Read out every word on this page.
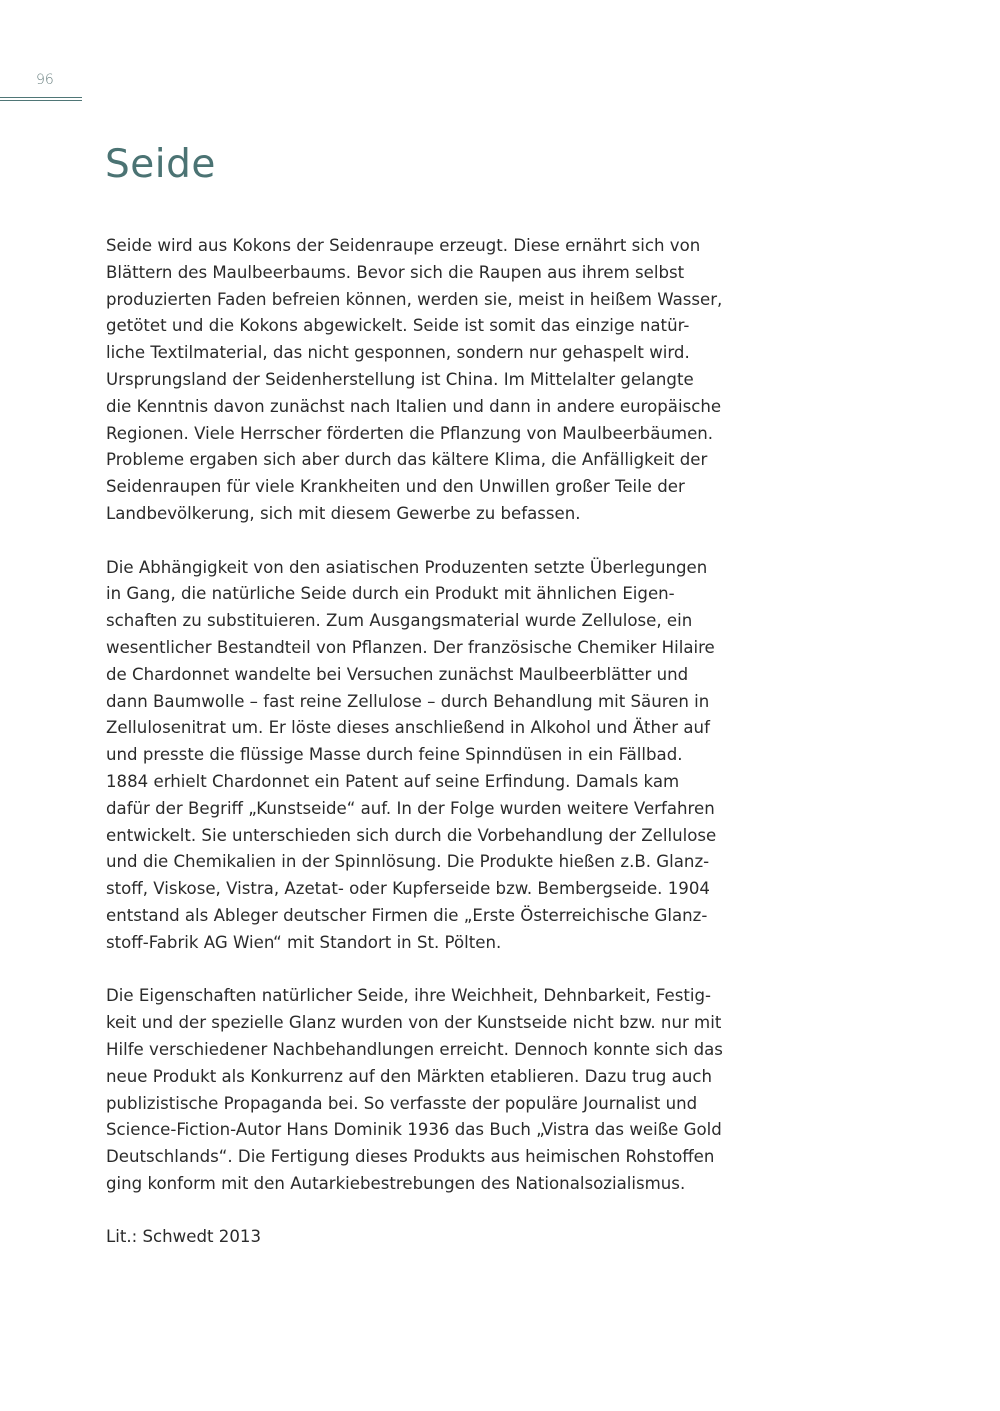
96
Seide

Seide wird aus Kokons der Seidenraupe erzeugt. Diese ernährt sich von
Blättern des Maulbeerbaums. Bevor sich die Raupen aus ihrem selbst
produzierten Faden befreien können, werden sie, meist in heißem Wasser,
getötet und die Kokons abgewickelt. Seide ist somit das einzige natür-
liche Textilmaterial, das nicht gesponnen, sondern nur gehaspelt wird.
Ursprungsland der Seidenherstellung ist China. Im Mittelalter gelangte
die Kenntnis davon zunächst nach Italien und dann in andere europäische
Regionen. Viele Herrscher förderten die Pflanzung von Maulbeerbäumen.
Probleme ergaben sich aber durch das kältere Klima, die Anfälligkeit der
Seidenraupen für viele Krankheiten und den Unwillen großer Teile der
Landbevölkerung, sich mit diesem Gewerbe zu befassen.

Die Abhängigkeit von den asiatischen Produzenten setzte Überlegungen
in Gang, die natürliche Seide durch ein Produkt mit ähnlichen Eigen-
schaften zu substituieren. Zum Ausgangsmaterial wurde Zellulose, ein
wesentlicher Bestandteil von Pflanzen. Der französische Chemiker Hilaire
de Chardonnet wandelte bei Versuchen zunächst Maulbeerblätter und
dann Baumwolle – fast reine Zellulose – durch Behandlung mit Säuren in
Zellulosenitrat um. Er löste dieses anschließend in Alkohol und Äther auf
und presste die flüssige Masse durch feine Spinndüsen in ein Fällbad.
1884 erhielt Chardonnet ein Patent auf seine Erfindung. Damals kam
dafür der Begriff „Kunstseide“ auf. In der Folge wurden weitere Verfahren
entwickelt. Sie unterschieden sich durch die Vorbehandlung der Zellulose
und die Chemikalien in der Spinnlösung. Die Produkte hießen z.B. Glanz-
stoff, Viskose, Vistra, Azetat- oder Kupferseide bzw. Bembergseide. 1904
entstand als Ableger deutscher Firmen die „Erste Österreichische Glanz-
stoff-Fabrik AG Wien“ mit Standort in St. Pölten.

Die Eigenschaften natürlicher Seide, ihre Weichheit, Dehnbarkeit, Festig-
keit und der spezielle Glanz wurden von der Kunstseide nicht bzw. nur mit
Hilfe verschiedener Nachbehandlungen erreicht. Dennoch konnte sich das
neue Produkt als Konkurrenz auf den Märkten etablieren. Dazu trug auch
publizistische Propaganda bei. So verfasste der populäre Journalist und
Science-Fiction-Autor Hans Dominik 1936 das Buch „Vistra das weiße Gold
Deutschlands“. Die Fertigung dieses Produkts aus heimischen Rohstoffen
ging konform mit den Autarkiebestrebungen des Nationalsozialismus.

Lit.: Schwedt 2013
